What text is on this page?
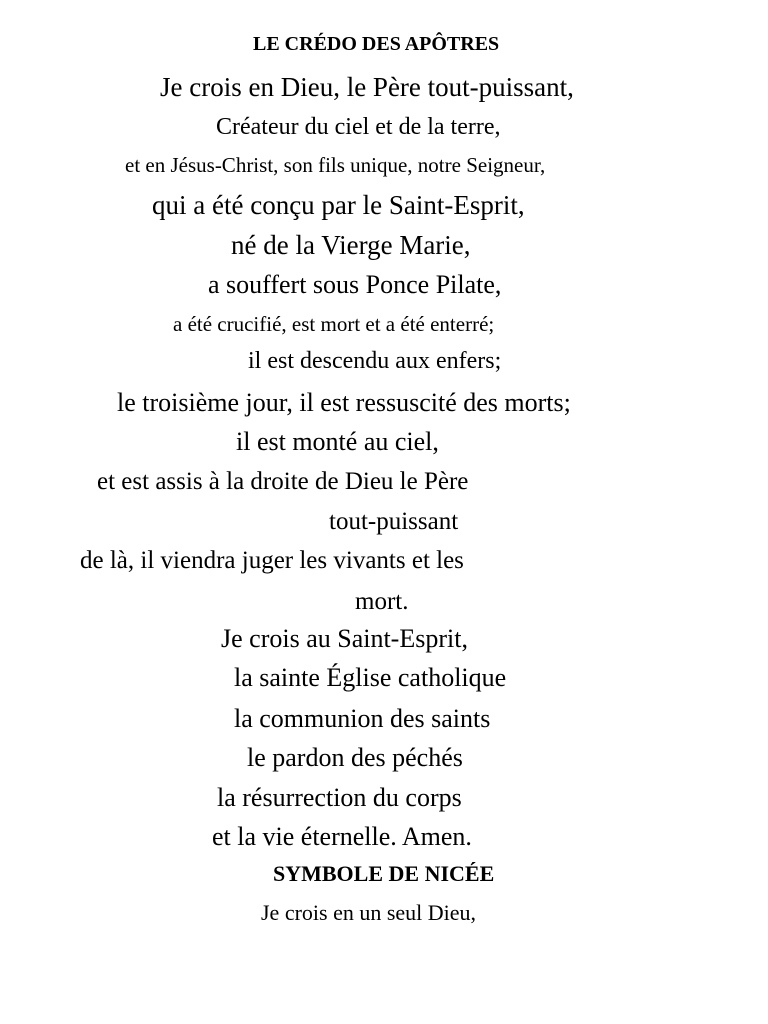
LE CRÉDO DES APÔTRES
Je crois en Dieu, le Père tout-puissant,
Créateur du ciel et de la terre,
et en Jésus-Christ, son fils unique, notre Seigneur,
qui a été conçu par le Saint-Esprit,
né de la Vierge Marie,
a souffert sous Ponce Pilate,
a été crucifié, est mort et a été enterré;
il est descendu aux enfers;
le troisième jour, il est ressuscité des morts;
il est monté au ciel,
et est assis à la droite de Dieu le Père
tout-puissant
de là, il viendra juger les vivants et les
mort.
Je crois au Saint-Esprit,
la sainte Église catholique
la communion des saints
le pardon des péchés
la résurrection du corps
et la vie éternelle. Amen.
SYMBOLE DE NICÉE
Je crois en un seul Dieu,
